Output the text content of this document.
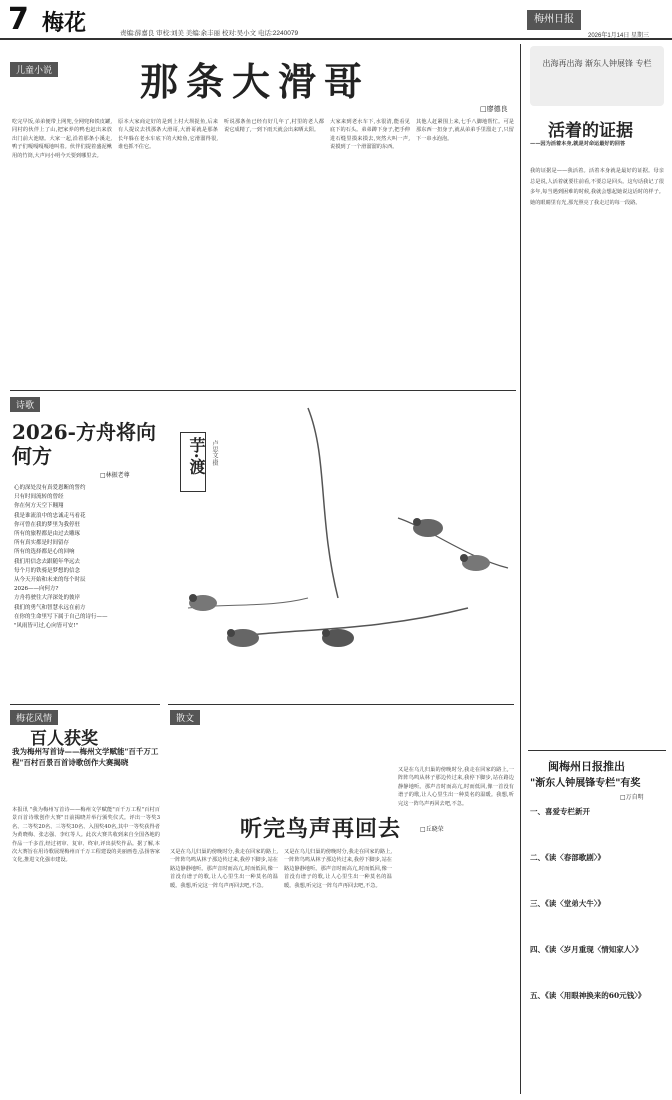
7 梅花	责编:薛嘉良 审校:刘美 美编:余丰丽 校对:吴小文 电话:2240079
梅州日报
2026年1月14日 星期三
儿童小说 那条大滑哥
□廖德良
吃完早饭,弟弟便带上网兜,全网兜和铁皮罐,同村的伙伴上了山,把家养的鸭也赶出来放出门前大池塘。大家一起,沿着那条小溪走,鸭子们嘎嘎嘎嘎地叫着。伙伴们提着盛泥鳅用的竹筒,大声问小明今天要到哪里去。
原本大家商定好的是到上村大坝捉鱼,后来有人提议去找那条大滑哥,大滑哥就是那条长年躲在老水车底下的大鲶鱼,它滑溜得很,谁也抓不住它。
听说那条鱼已经有好几年了,村里的老人都说它成精了,一到下雨天就会出来晒太阳。
大家来到老水车下,水很清,能看见底下的石头。弟弟蹲下身子,把手伸进石缝里摸来摸去,突然大叫一声,说摸到了一个滑溜溜的东西。
其他人赶紧围上来,七手八脚地帮忙。可是那东西一扭身子,就从弟弟手里溜走了,只留下一串水泡泡。
诗歌
2026-方舟将向何方
□林振老尊
心的深处没有真爱恩断的誓约
只有时间流转的曾经
你在何方天空下翱翔
我是谁流浪中的忠诚走马看花
你可曾在我的梦里为我停驻
所有的旅程都是由过去雕琢
所有真实都是时间留存
所有的选择都是心的回响
我们用信念去跟随年华远去
每个月的铁骑是梦想的信念
从今天开始和未来的每个时辰
2026——向何方?
方舟将驶往大洋深处的彼岸
我们的勇气和智慧永远在前方
在你的生命里写下属于自己的诗行——
"风雨皆可过,心向皆可安!"
梅花风情
百人获奖
我为梅州写首诗——梅州文学赋能"百千万工程"百村百景百首诗歌创作大赛揭晓
本报讯 "我为梅州写首诗——梅州文学赋能"百千万工程"百村百景百首诗歌创作大赛"日前揭晓并举行颁奖仪式。评出一等奖3名、二等奖20名、三等奖30名、入围奖40名,其中一等奖获得者为黄晓梅、张志强、李红等人。此次大赛共收到来自全国各地的作品一千多首,经过初审、复审、终审,评出获奖作品。据了解,本次大赛旨在用诗歌展现梅州百千万工程建设的美丽画卷,弘扬客家文化,推进文化强市建设。
芋·渡 卢思文·摄
散文
听完鸟声再回去	□丘晓荣
又是在乌儿归巢的傍晚时分,我走在回家的路上,一阵阵鸟鸣从林子那边传过来,我停下脚步,站在路边静静地听。那声音时而高亢,时而低回,像一首没有谱子的歌,让人心里生出一种莫名的温暖。我想,听完这一阵鸟声再回去吧,不急。
又是在乌儿归巢的傍晚时分,我走在回家的路上,一阵阵鸟鸣从林子那边传过来,我停下脚步,站在路边静静地听。那声音时而高亢,时而低回,像一首没有谱子的歌,让人心里生出一种莫名的温暖。我想,听完这一阵鸟声再回去吧,不急。
又是在乌儿归巢的傍晚时分,我走在回家的路上,一阵阵鸟鸣从林子那边传过来,我停下脚步,站在路边静静地听。那声音时而高亢,时而低回,像一首没有谱子的歌,让人心里生出一种莫名的温暖。我想,听完这一阵鸟声再回去吧,不急。
出海再出海 渐东人钟展锋 专栏
活着的证据
——因为活着本身,就是对命运最好的回答
我的证据是——我活着。活着本身就是最好的证据。母亲总是说,人活着就要往前看,不要总是回头。这句话我记了很多年,每当遇到困难的时候,我就会想起她说这话时的样子。她的眼睛里有光,那光照亮了我走过的每一段路。
闽梅州日报推出
"渐东人钟展锋专栏"有奖
□万自明
一、喜爱专栏新开
二、《读〈春部歌剧〉》
三、《读〈堂弟大牛〉》
四、《读〈岁月重现〈情知家人〉》
五、《读〈用眼神换来的60元钱〉》
